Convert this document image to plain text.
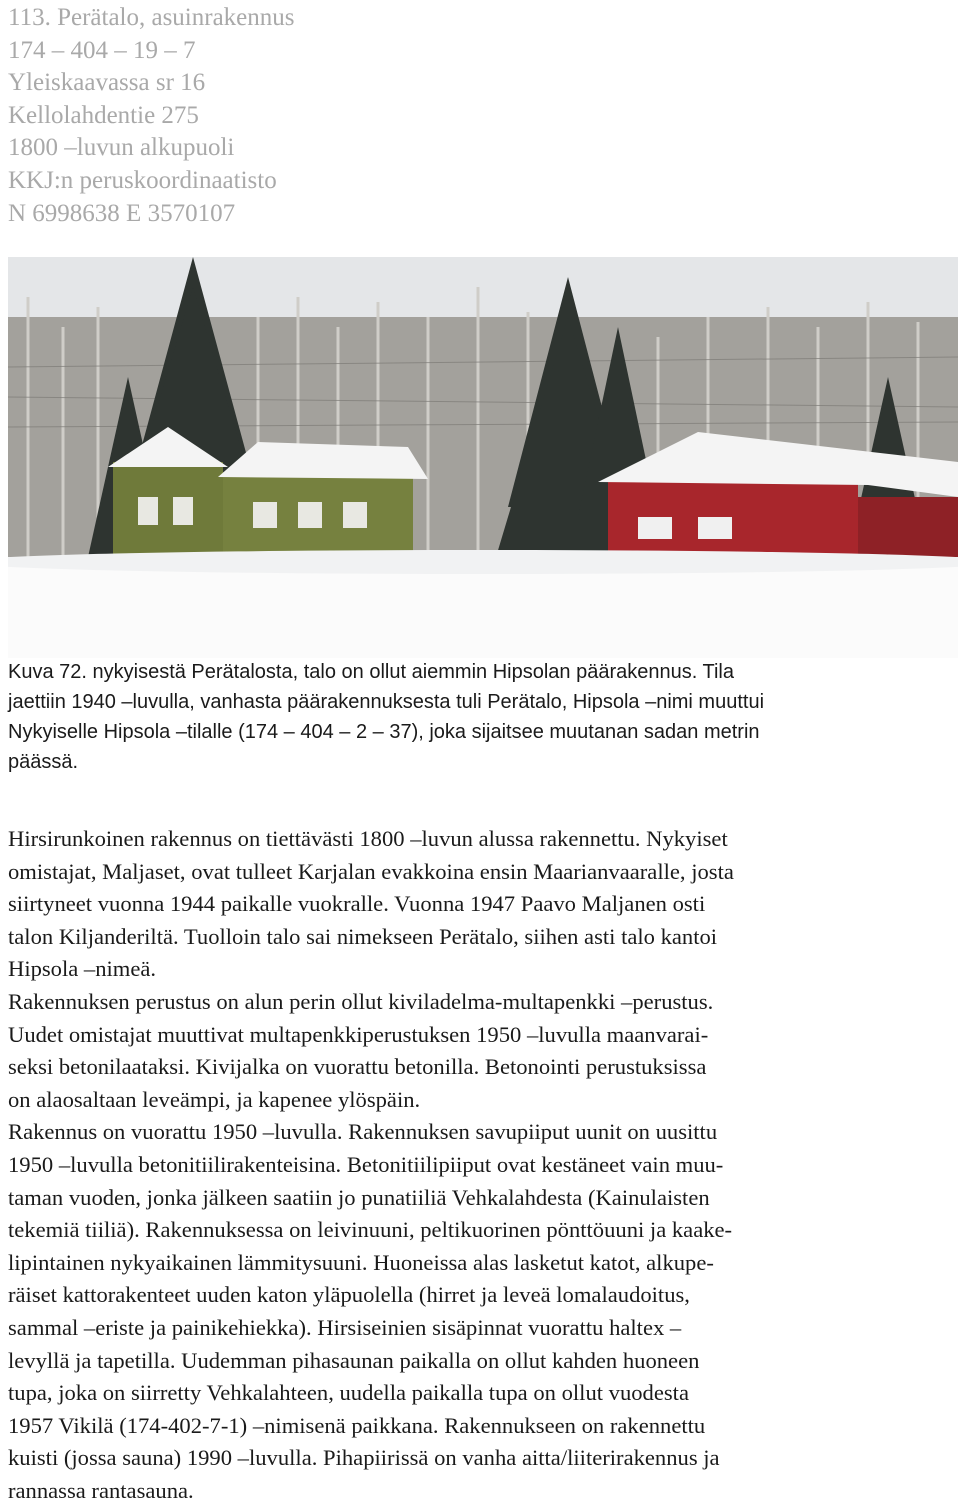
113. Perätalo, asuinrakennus
174 – 404 – 19 – 7
Yleiskaavassa sr 16
Kellolahdentie 275
1800 –luvun alkupuoli
KKJ:n peruskoordinaatisto
N 6998638 E 3570107
Kuva 72. nykyisestä Perätalosta, talo on ollut aiemmin Hipsolan päärakennus. Tila
jaettiin 1940 –luvulla, vanhasta päärakennuksesta tuli Perätalo, Hipsola –nimi muuttui
Nykyiselle Hipsola –tilalle (174 – 404 – 2 – 37), joka sijaitsee muutanan sadan metrin
päässä.
Hirsirunkoinen rakennus on tiettävästi 1800 –luvun alussa rakennettu. Nykyiset
omistajat, Maljaset, ovat tulleet Karjalan evakkoina ensin Maarianvaaralle, josta
siirtyneet vuonna 1944 paikalle vuokralle. Vuonna 1947 Paavo Maljanen osti
talon Kiljanderiltä. Tuolloin talo sai nimekseen Perätalo, siihen asti talo kantoi
Hipsola –nimeä.
Rakennuksen perustus on alun perin ollut kiviladelma-multapenkki –perustus.
Uudet omistajat muuttivat multapenkkiperustuksen 1950 –luvulla maanvarai-
seksi betonilaataksi. Kivijalka on vuorattu betonilla. Betonointi perustuksissa
on alaosaltaan leveämpi, ja kapenee ylöspäin.
Rakennus on vuorattu 1950 –luvulla. Rakennuksen savupiiput uunit on uusittu
1950 –luvulla betonitiilirakenteisina. Betonitiilipiiput ovat kestäneet vain muu-
taman vuoden, jonka jälkeen saatiin jo punatiiliä Vehkalahdesta (Kainulaisten
tekemiä tiiliä). Rakennuksessa on leivinuuni, peltikuorinen pönttöuuni ja kaake-
lipintainen nykyaikainen lämmitysuuni. Huoneissa alas lasketut katot, alkupe-
räiset kattorakenteet uuden katon yläpuolella (hirret ja leveä lomalaudoitus,
sammal –eriste ja painikehiekka). Hirsiseinien sisäpinnat vuorattu haltex –
levyllä ja tapetilla. Uudemman pihasaunan paikalla on ollut kahden huoneen
tupa, joka on siirretty Vehkalahteen, uudella paikalla tupa on ollut vuodesta
1957 Vikilä (174-402-7-1) –nimisenä paikkana. Rakennukseen on rakennettu
kuisti (jossa sauna) 1990 –luvulla. Pihapiirissä on vanha aitta/liiterirakennus ja
rannassa rantasauna.
